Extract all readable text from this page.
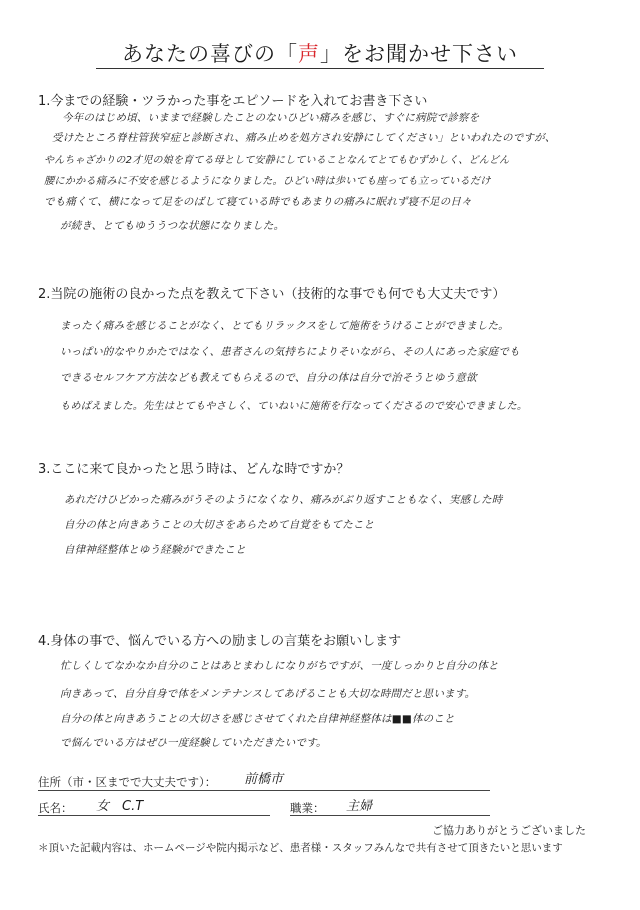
あなたの喜びの「声」をお聞かせ下さい
1.今までの経験・ツラかった事をエピソードを入れてお書き下さい
今年のはじめ頃、いままで経験したことのないひどい痛みを感じ、すぐに病院で診察を
受けたところ脊柱管狭窄症と診断され、痛み止めを処方され安静にしてください」といわれたのですが、
やんちゃざかりの2才児の娘を育てる母として安静にしていることなんてとてもむずかしく、どんどん
腰にかかる痛みに不安を感じるようになりました。ひどい時は歩いても座っても立っているだけ
でも痛くて、横になって足をのばして寝ている時でもあまりの痛みに眠れず寝不足の日々
が続き、とてもゆううつな状態になりました。
2.当院の施術の良かった点を教えて下さい（技術的な事でも何でも大丈夫です）
まったく痛みを感じることがなく、とてもリラックスをして施術をうけることができました。
いっぱい的なやりかたではなく、患者さんの気持ちによりそいながら、その人にあった家庭でも
できるセルフケア方法なども教えてもらえるので、自分の体は自分で治そうとゆう意欲
もめばえました。先生はとてもやさしく、ていねいに施術を行なってくださるので安心できました。
3.ここに来て良かったと思う時は、どんな時ですか？
あれだけひどかった痛みがうそのようになくなり、痛みがぶり返すこともなく、実感した時
自分の体と向きあうことの大切さをあらためて自覚をもてたこと
自律神経整体とゆう経験ができたこと
4.身体の事で、悩んでいる方への励ましの言葉をお願いします
忙しくしてなかなか自分のことはあとまわしになりがちですが、一度しっかりと自分の体と
向きあって、自分自身で体をメンテナンスしてあげることも大切な時間だと思います。
自分の体と向きあうことの大切さを感じさせてくれた自律神経整体は■■体のこと
で悩んでいる方はぜひ一度経験していただきたいです。
住所（市・区までで大丈夫です）： 前橋市
氏名： 女　C.T	職業： 主婦
ご協力ありがとうございました
＊頂いた記載内容は、ホームページや院内掲示など、患者様・スタッフみんなで共有させて頂きたいと思います
